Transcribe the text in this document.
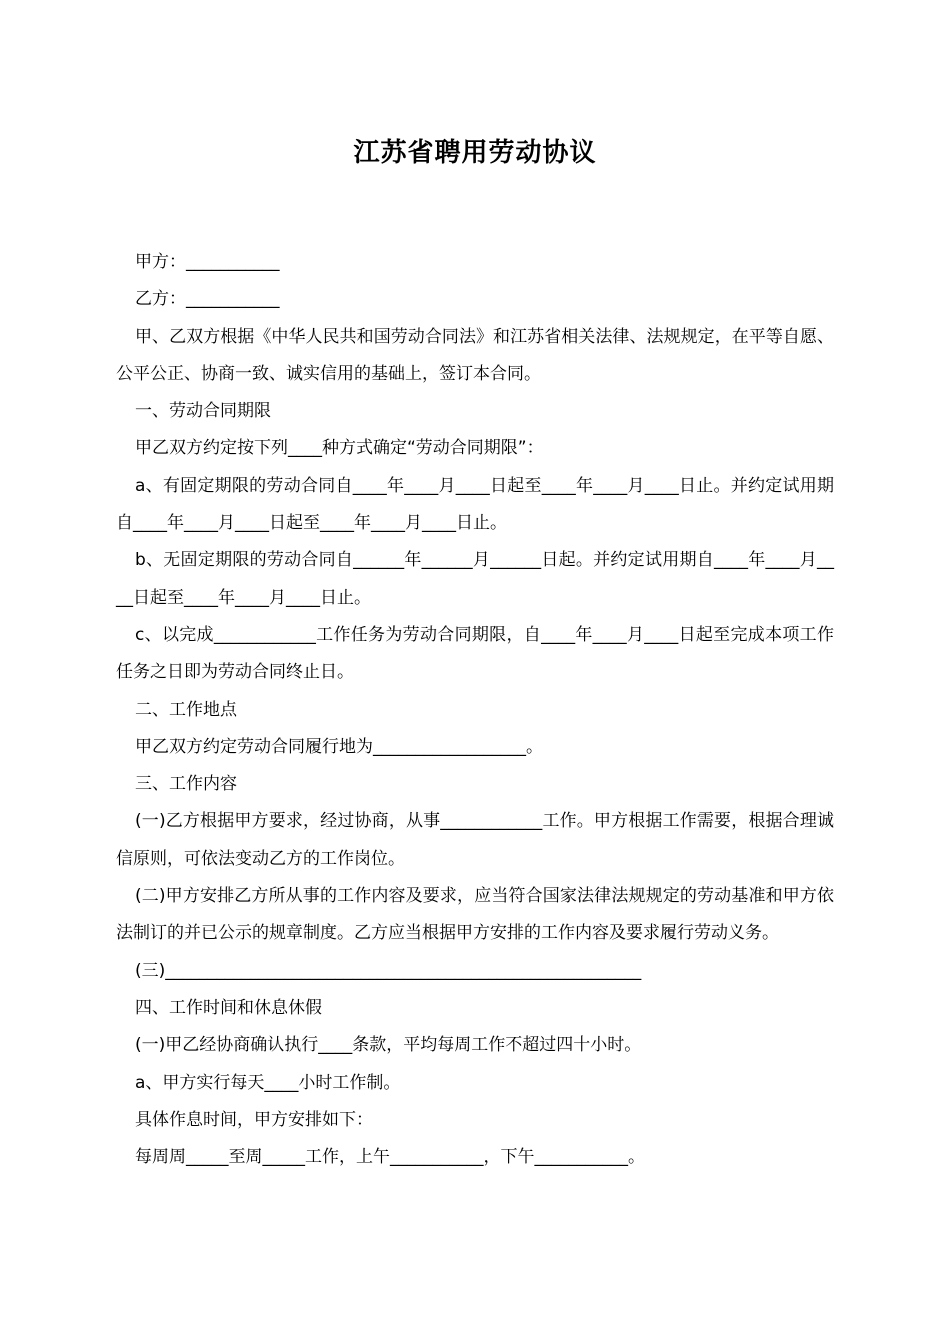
江苏省聘用劳动协议

甲方：___________

乙方：___________

甲、乙双方根据《中华人民共和国劳动合同法》和江苏省相关法律、法规规定，在平等自愿、公平公正、协商一致、诚实信用的基础上，签订本合同。

一、劳动合同期限

甲乙双方约定按下列____种方式确定“劳动合同期限”：

a、有固定期限的劳动合同自____年____月____日起至____年____月____日止。并约定试用期自____年____月____日起至____年____月____日止。

b、无固定期限的劳动合同自______年______月______日起。并约定试用期自____年____月____日起至____年____月____日止。

c、以完成____________工作任务为劳动合同期限，自____年____月____日起至完成本项工作任务之日即为劳动合同终止日。

二、工作地点

甲乙双方约定劳动合同履行地为__________________。

三、工作内容

(一)乙方根据甲方要求，经过协商，从事____________工作。甲方根据工作需要，根据合理诚信原则，可依法变动乙方的工作岗位。

(二)甲方安排乙方所从事的工作内容及要求，应当符合国家法律法规规定的劳动基准和甲方依法制订的并已公示的规章制度。乙方应当根据甲方安排的工作内容及要求履行劳动义务。

(三)________________________________________________________

四、工作时间和休息休假

(一)甲乙经协商确认执行____条款，平均每周工作不超过四十小时。

a、甲方实行每天____小时工作制。

具体作息时间，甲方安排如下：

每周周_____至周_____工作，上午___________，下午___________。
